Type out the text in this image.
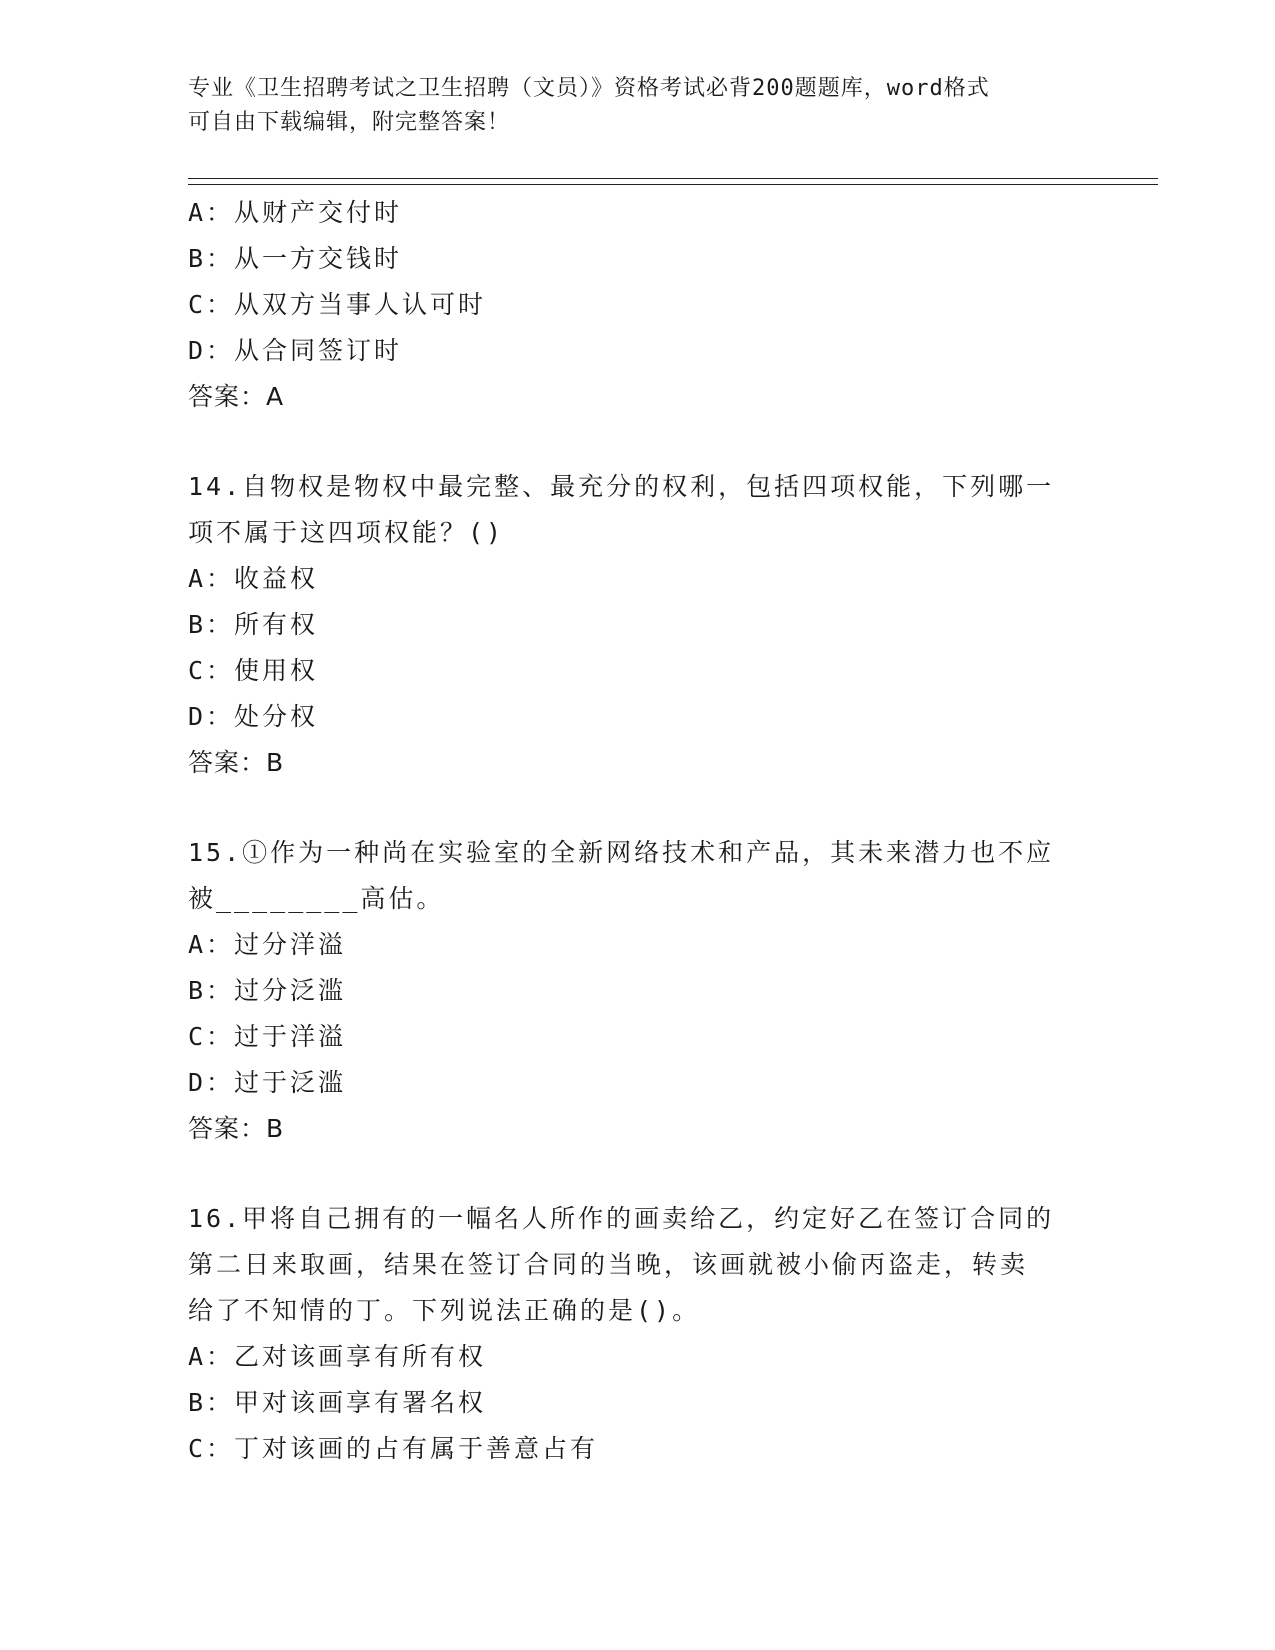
专业《卫生招聘考试之卫生招聘（文员）》资格考试必背200题题库，word格式
可自由下载编辑，附完整答案！
A：从财产交付时
B：从一方交钱时
C：从双方当事人认可时
D：从合同签订时
答案：A
14.自物权是物权中最完整、最充分的权利，包括四项权能，下列哪一
项不属于这四项权能？()
A：收益权
B：所有权
C：使用权
D：处分权
答案：B
15.①作为一种尚在实验室的全新网络技术和产品，其未来潜力也不应
被________高估。
A：过分洋溢
B：过分泛滥
C：过于洋溢
D：过于泛滥
答案：B
16.甲将自己拥有的一幅名人所作的画卖给乙，约定好乙在签订合同的
第二日来取画，结果在签订合同的当晚，该画就被小偷丙盗走，转卖
给了不知情的丁。下列说法正确的是()。
A：乙对该画享有所有权
B：甲对该画享有署名权
C：丁对该画的占有属于善意占有
